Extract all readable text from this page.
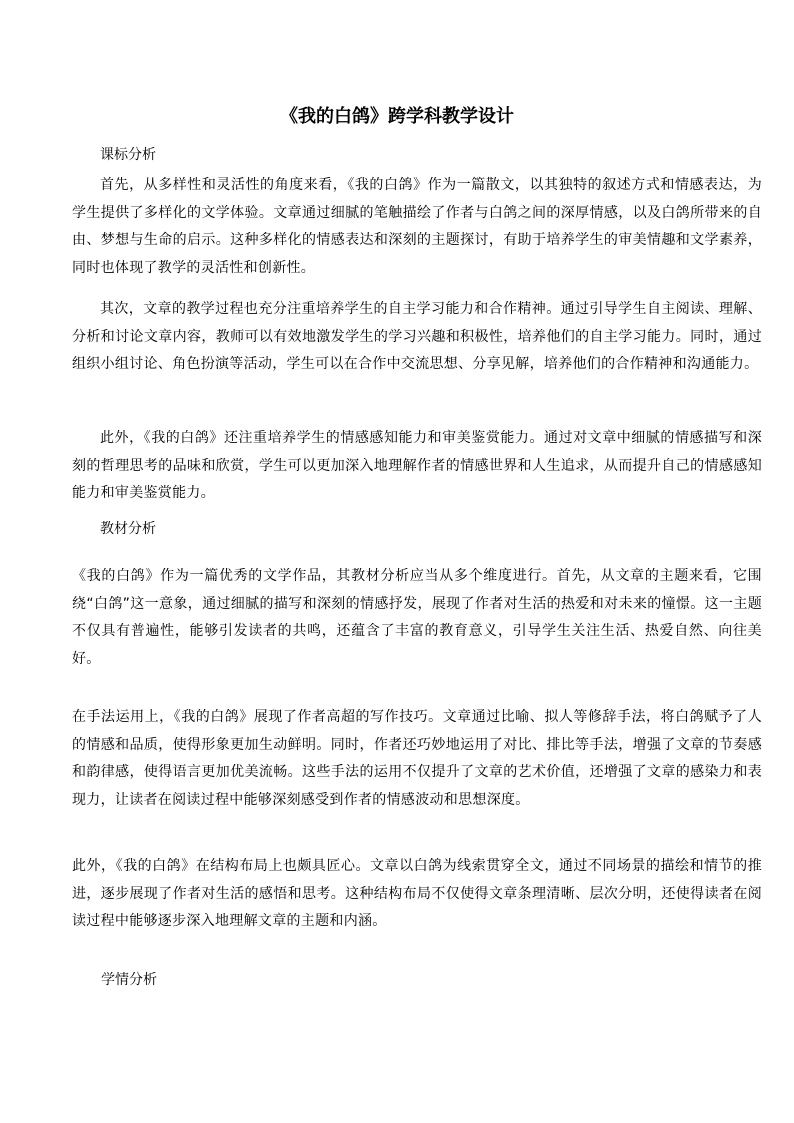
《我的白鸽》跨学科教学设计

课标分析

首先，从多样性和灵活性的角度来看，《我的白鸽》作为一篇散文，以其独特的叙述方式和情感表达，为学生提供了多样化的文学体验。文章通过细腻的笔触描绘了作者与白鸽之间的深厚情感，以及白鸽所带来的自由、梦想与生命的启示。这种多样化的情感表达和深刻的主题探讨，有助于培养学生的审美情趣和文学素养，同时也体现了教学的灵活性和创新性。

其次，文章的教学过程也充分注重培养学生的自主学习能力和合作精神。通过引导学生自主阅读、理解、分析和讨论文章内容，教师可以有效地激发学生的学习兴趣和积极性，培养他们的自主学习能力。同时，通过组织小组讨论、角色扮演等活动，学生可以在合作中交流思想、分享见解，培养他们的合作精神和沟通能力。

此外，《我的白鸽》还注重培养学生的情感感知能力和审美鉴赏能力。通过对文章中细腻的情感描写和深刻的哲理思考的品味和欣赏，学生可以更加深入地理解作者的情感世界和人生追求，从而提升自己的情感感知能力和审美鉴赏能力。

教材分析

《我的白鸽》作为一篇优秀的文学作品，其教材分析应当从多个维度进行。首先，从文章的主题来看，它围绕“白鸽”这一意象，通过细腻的描写和深刻的情感抒发，展现了作者对生活的热爱和对未来的憧憬。这一主题不仅具有普遍性，能够引发读者的共鸣，还蕴含了丰富的教育意义，引导学生关注生活、热爱自然、向往美好。

在手法运用上，《我的白鸽》展现了作者高超的写作技巧。文章通过比喻、拟人等修辞手法，将白鸽赋予了人的情感和品质，使得形象更加生动鲜明。同时，作者还巧妙地运用了对比、排比等手法，增强了文章的节奏感和韵律感，使得语言更加优美流畅。这些手法的运用不仅提升了文章的艺术价值，还增强了文章的感染力和表现力，让读者在阅读过程中能够深刻感受到作者的情感波动和思想深度。

此外，《我的白鸽》在结构布局上也颇具匠心。文章以白鸽为线索贯穿全文，通过不同场景的描绘和情节的推进，逐步展现了作者对生活的感悟和思考。这种结构布局不仅使得文章条理清晰、层次分明，还使得读者在阅读过程中能够逐步深入地理解文章的主题和内涵。

学情分析
